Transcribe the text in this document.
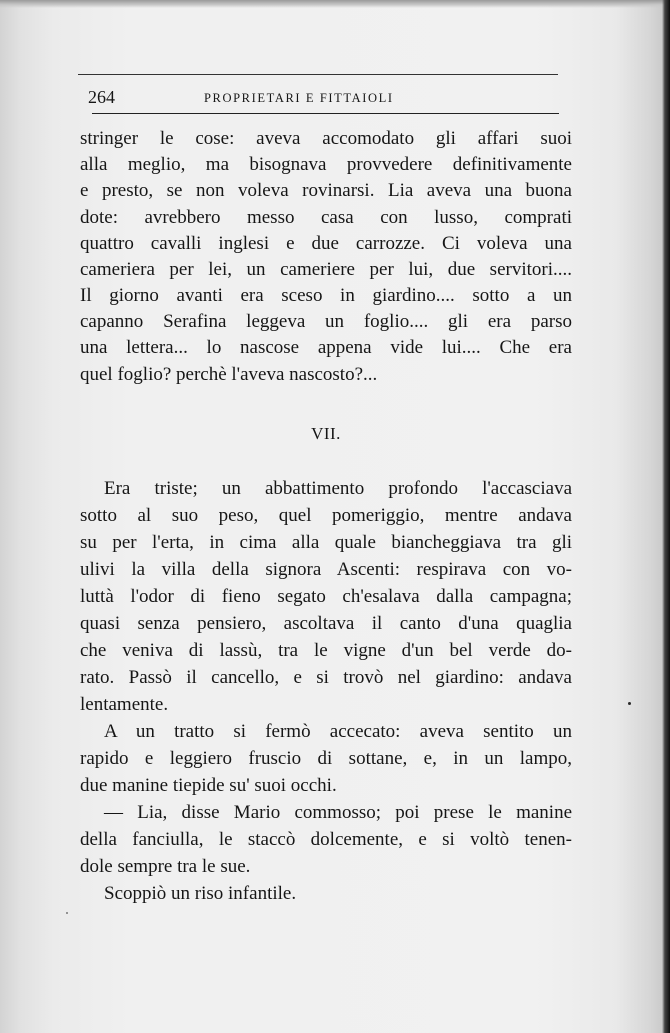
264	PROPRIETARI E FITTAIOLI
stringer le cose: aveva accomodato gli affari suoi
alla meglio, ma bisognava provvedere definitivamente
e presto, se non voleva rovinarsi. Lia aveva una buona
dote: avrebbero messo casa con lusso, comprati
quattro cavalli inglesi e due carrozze. Ci voleva una
cameriera per lei, un cameriere per lui, due servitori....
Il giorno avanti era sceso in giardino.... sotto a un
capanno Serafina leggeva un foglio.... gli era parso
una lettera... lo nascose appena vide lui.... Che era
quel foglio? perchè l'aveva nascosto?...
VII.
Era triste; un abbattimento profondo l'accasciava
sotto al suo peso, quel pomeriggio, mentre andava
su per l'erta, in cima alla quale biancheggiava tra gli
ulivi la villa della signora Ascenti: respirava con vo-
luttà l'odor di fieno segato ch'esalava dalla campagna;
quasi senza pensiero, ascoltava il canto d'una quaglia
che veniva di lassù, tra le vigne d'un bel verde do-
rato. Passò il cancello, e si trovò nel giardino: andava
lentamente.
A un tratto si fermò accecato: aveva sentito un
rapido e leggiero fruscio di sottane, e, in un lampo,
due manine tiepide su' suoi occhi.
— Lia, disse Mario commosso; poi prese le manine
della fanciulla, le staccò dolcemente, e si voltò tenen-
dole sempre tra le sue.
Scoppiò un riso infantile.
